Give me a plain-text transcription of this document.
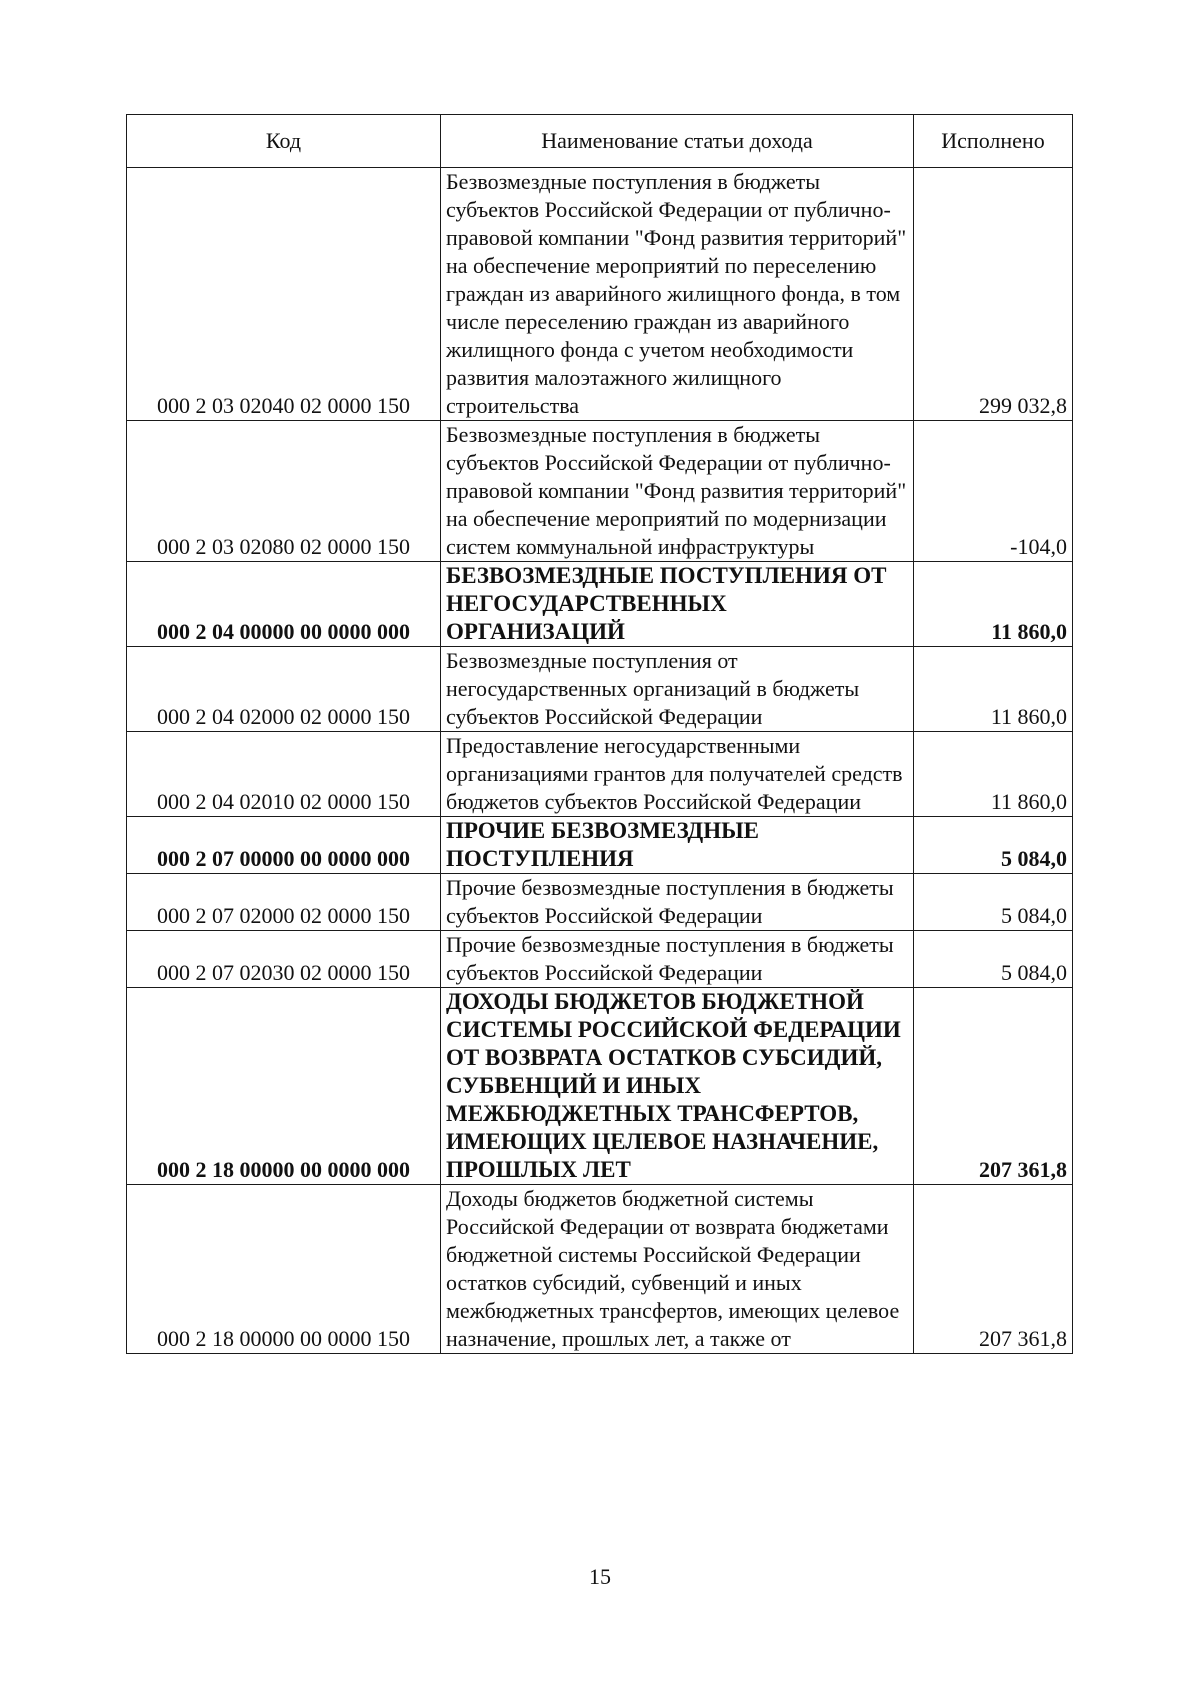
Код	Наименование статьи дохода	Исполнено
000 2 03 02040 02 0000 150	Безвозмездные поступления в бюджеты субъектов Российской Федерации от публично-правовой компании "Фонд развития территорий" на обеспечение мероприятий по переселению граждан из аварийного жилищного фонда, в том числе переселению граждан из аварийного жилищного фонда с учетом необходимости развития малоэтажного жилищного строительства	299 032,8
000 2 03 02080 02 0000 150	Безвозмездные поступления в бюджеты субъектов Российской Федерации от публично-правовой компании "Фонд развития территорий" на обеспечение мероприятий по модернизации систем коммунальной инфраструктуры	-104,0
000 2 04 00000 00 0000 000	БЕЗВОЗМЕЗДНЫЕ ПОСТУПЛЕНИЯ ОТ НЕГОСУДАРСТВЕННЫХ ОРГАНИЗАЦИЙ	11 860,0
000 2 04 02000 02 0000 150	Безвозмездные поступления от негосударственных организаций в бюджеты субъектов Российской Федерации	11 860,0
000 2 04 02010 02 0000 150	Предоставление негосударственными организациями грантов для получателей средств бюджетов субъектов Российской Федерации	11 860,0
000 2 07 00000 00 0000 000	ПРОЧИЕ БЕЗВОЗМЕЗДНЫЕ ПОСТУПЛЕНИЯ	5 084,0
000 2 07 02000 02 0000 150	Прочие безвозмездные поступления в бюджеты субъектов Российской Федерации	5 084,0
000 2 07 02030 02 0000 150	Прочие безвозмездные поступления в бюджеты субъектов Российской Федерации	5 084,0
000 2 18 00000 00 0000 000	ДОХОДЫ БЮДЖЕТОВ БЮДЖЕТНОЙ СИСТЕМЫ РОССИЙСКОЙ ФЕДЕРАЦИИ ОТ ВОЗВРАТА ОСТАТКОВ СУБСИДИЙ, СУБВЕНЦИЙ И ИНЫХ МЕЖБЮДЖЕТНЫХ ТРАНСФЕРТОВ, ИМЕЮЩИХ ЦЕЛЕВОЕ НАЗНАЧЕНИЕ, ПРОШЛЫХ ЛЕТ	207 361,8
000 2 18 00000 00 0000 150	Доходы бюджетов бюджетной системы Российской Федерации от возврата бюджетами бюджетной системы Российской Федерации остатков субсидий, субвенций и иных межбюджетных трансфертов, имеющих целевое назначение, прошлых лет, а также от	207 361,8
15
